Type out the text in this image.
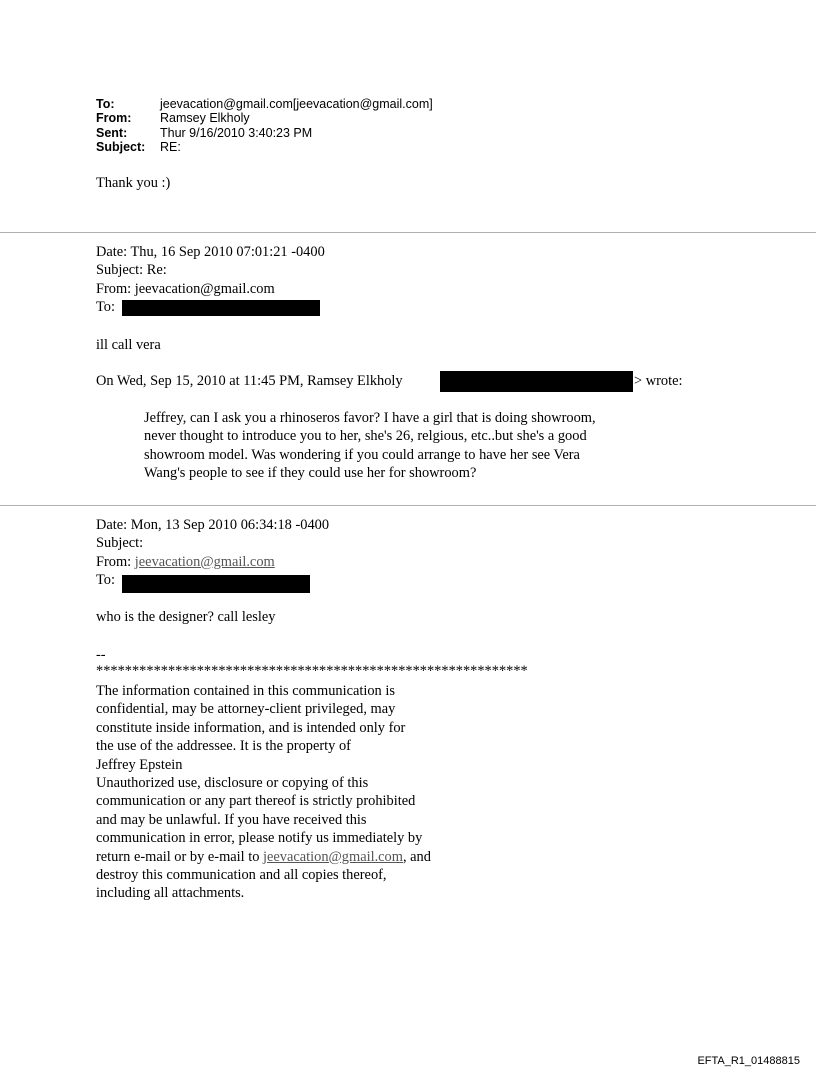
To:	jeevacation@gmail.com[jeevacation@gmail.com]
From:	Ramsey Elkholy
Sent:	Thur 9/16/2010 3:40:23 PM
Subject:	RE:
Thank you :)
Date: Thu, 16 Sep 2010 07:01:21 -0400
Subject: Re:
From: jeevacation@gmail.com
To:
ill call vera
On Wed, Sep 15, 2010 at 11:45 PM, Ramsey Elkholy	> wrote:
Jeffrey, can I ask you a rhinoseros favor? I have a girl that is doing showroom,
never thought to introduce you to her, she's 26, relgious, etc..but she's a good
showroom model. Was wondering if you could arrange to have her see Vera
Wang's people to see if they could use her for showroom?
Date: Mon, 13 Sep 2010 06:34:18 -0400
Subject:
From: jeevacation@gmail.com
To:
who is the designer? call lesley
--
************************************************************
The information contained in this communication is
confidential, may be attorney-client privileged, may
constitute inside information, and is intended only for
the use of the addressee. It is the property of
Jeffrey Epstein
Unauthorized use, disclosure or copying of this
communication or any part thereof is strictly prohibited
and may be unlawful. If you have received this
communication in error, please notify us immediately by
return e-mail or by e-mail to jeevacation@gmail.com, and
destroy this communication and all copies thereof,
including all attachments.
EFTA_R1_01488815
